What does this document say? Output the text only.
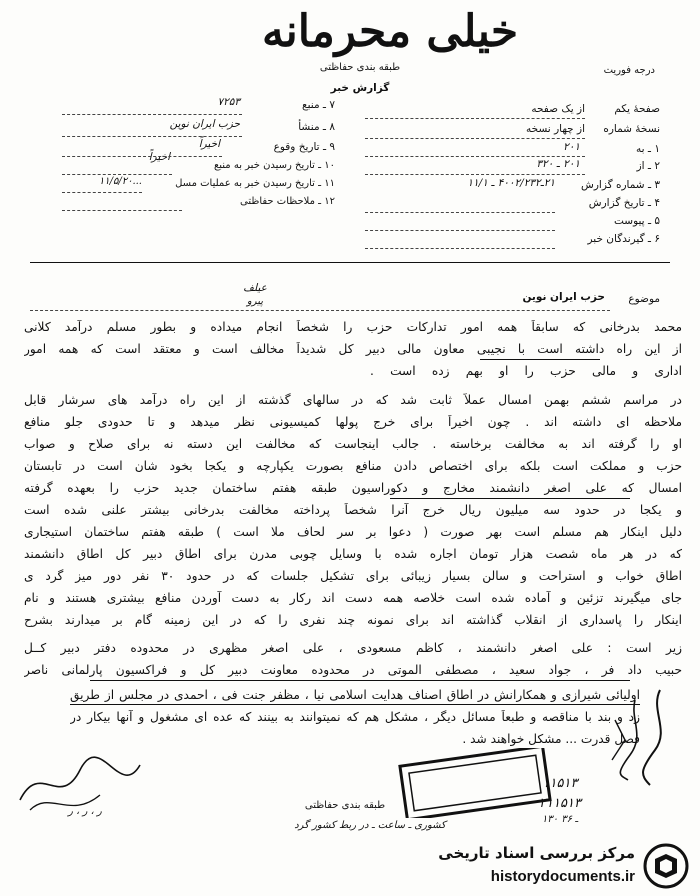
خیلی محرمانه
طبقه بندی حفاظتی
گزارش خبر
درجه فوریت
صفحهٔ یکم
از یک صفحه
نسخهٔ شماره
از چهار نسخه
۱ ـ به
۲۰۱
۲ ـ از
۲۰۱ ـ ۳۲۰
۳ ـ شماره گزارش
۲۱ـ۴۰۰۲/۲۳۲ ـ ۱۱/۱
۴ ـ تاریخ گزارش
۵ ـ پیوست
۶ ـ گیرندگان خبر
۷ ـ منبع
۷۲۵۳
۸ ـ منشأ
حزب ایران نوین
۹ ـ تاریخ وقوع
اخیراً
۱۰ ـ تاریخ رسیدن خبر به منبع
اخیراً
۱۱ ـ تاریخ رسیدن خبر به عملیات مسل
۱۱/۵/۲۰...
۱۲ ـ ملاحظات حفاظتی
عیلف
پیرو	موضوع
حزب ایران نوین
محمد بدرخانی که سابقاً همه امور تدارکات حزب را شخصاً انجام میداده و بطور مسلم درآمد کلانی
از این راه داشته است با نجیبی معاون مالی دبیر کل شدیداً مخالف است و معتقد است که همه امور
اداری و مالی حزب را او بهم زده است .
در مراسم ششم بهمن امسال عملاً ثابت شد که در سالهای گذشته از این راه درآمد های سرشار قابل
ملاحظه ای داشته اند . چون اخیراً برای خرج پولها کمیسیونی نظر میدهد و تا حدودی جلو منافع
او را گرفته اند به مخالفت برخاسته . جالب اینجاست که مخالفت این دسته نه برای صلاح و صواب
حزب و مملکت است بلکه برای اختصاص دادن منافع بصورت یکپارچه و یکجا بخود شان است در تابستان
امسال که علی اصغر دانشمند مخارج و دکوراسیون طبقه هفتم ساختمان جدید حزب را بعهده گرفته
و یکجا در حدود سه میلیون ریال خرج آنرا شخصاً پرداخته مخالفت بدرخانی بیشتر علنی شده است
دلیل اینکار هم مسلم است بهر صورت ( دعوا بر سر لحاف ملا است ) طبقه هفتم ساختمان استیجاری
که در هر ماه شصت هزار تومان اجاره شده با وسایل چوبی مدرن برای اطاق دبیر کل اطاق دانشمند
اطاق خواب و استراحت و سالن بسیار زیبائی برای تشکیل جلسات که در حدود ۳۰ نفر دور میز گرد ی
جای میگیرند تزئین و آماده شده است خلاصه همه دست اند رکار به دست آوردن منافع بیشتری هستند و نام
اینکار را پاسداری از انقلاب گذاشته اند برای نمونه چند نفری را که در این زمینه گام بر میدارند بشرح
زیر است : علی اصغر دانشمند ، کاظم مسعودی ، علی اصغر مظهری در محدوده دفتر دبیر کــل
حبیب داد فر ، جواد سعید ، مصطفی الموتی در محدوده معاونت دبیر کل و فراکسیون پارلمانی ناصر
اولیائی شیرازی و همکارانش در اطاق اصناف هدایت اسلامی نیا ، مظفر جنت فی ، احمدی در مجلس از طریق
زد و بند با مناقصه و طبعاً مسائل دیگر ، مشکل هم که نمیتوانند به بینند که عده ای مشغول و آنها بیکار در
فصل قدرت ... مشکل خواهند شد .
ر ، ر ، ر
طبقه بندی حفاظتی
کشوری ـ ساعت ـ در ربط کشور گرد
۱۱۵۱۳
۲۱۱۵۱۳
۱۳۰ ـ ۳۶
مرکز بررسی اسناد تاریخی
historydocuments.ir
